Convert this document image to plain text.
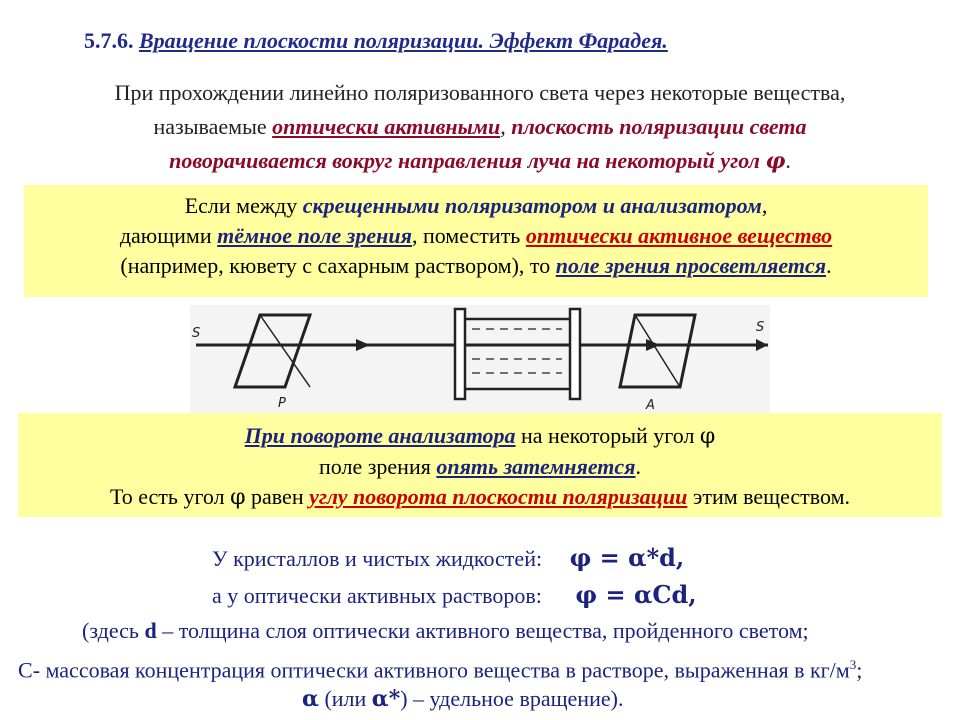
5.7.6. Вращение плоскости поляризации. Эффект Фарадея.
При прохождении линейно поляризованного света через некоторые вещества,
называемые оптически активными, плоскость поляризации света
поворачивается вокруг направления луча на некоторый угол φ.
Если между скрещенными поляризатором и анализатором,
дающими тёмное поле зрения, поместить оптически активное вещество
(например, кювету с сахарным раствором), то поле зрения просветляется.
S	S
P	A
При повороте анализатора на некоторый угол φ
поле зрения опять затемняется.
То есть угол φ равен углу поворота плоскости поляризации этим веществом.
У кристаллов и чистых жидкостей: φ = α*d,
а у оптически активных растворов: φ = αCd,
(здесь d – толщина слоя оптически активного вещества, пройденного светом;
C- массовая концентрация оптически активного вещества в растворе, выраженная в $кг/м^3$;
α (или α*) – удельное вращение).
